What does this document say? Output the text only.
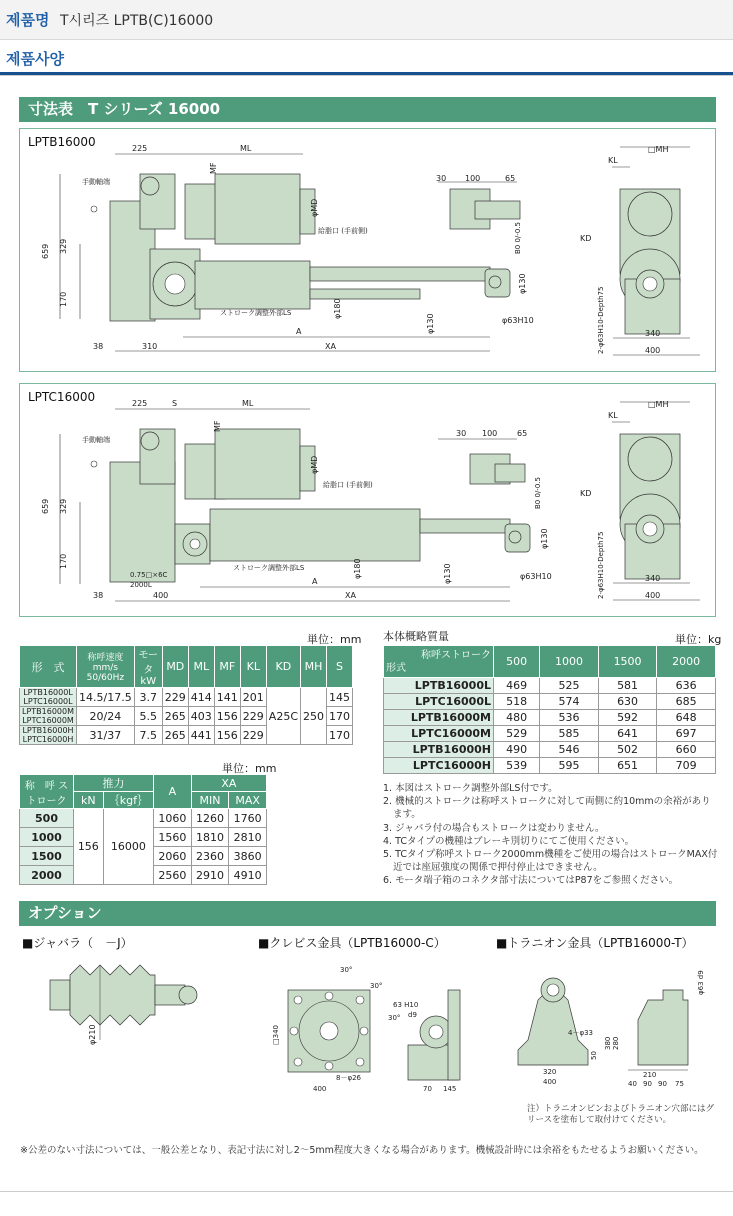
제품명 T시리즈 LPTB(C)16000
제품사양
寸法表　T シリーズ 16000
LPTB16000	225	ML
MF
φMD
手動軸端
給脂口 (手前側)
ストローク調整外部LS
659 329
170	φ180
φ130
φ130
A
XA
38	310
30 100	65
φ63H10
B0 0/-0.5
KL
□MH
KD
340
400
2-φ63H10-Depth75
LPTC16000	225	S	ML
MF
φMD
手動軸端
給脂口 (手前側)
ストローク調整外部LS
659 329
170	φ180	φ130
φ130
A
XA
38	400
0.75□×6C
2000L
30 100 65
φ63H10
B0 0/-0.5
KL
□MH
KD
340
400
2-φ63H10-Depth75
単位：mm
形　式	称呼速度 mm/s 50/60Hz	モータ kW	MD	ML	MF	KL	KD	MH	S
LPTB16000L
LPTC16000L	14.5/17.5	3.7	229	414	141	201	A25C	250	145
LPTB16000M
LPTC16000M	20/24	5.5	265	403	156	229			170
LPTB16000H
LPTC16000H	31/37	7.5	265	441	156	229			170
単位：mm
称　呼 ストローク	推力		A	XA	
	kN	｛kgf｝		MIN	MAX
500	156	16000	1060	1260	1760
1000			1560	1810	2810
1500			2060	2360	3860
2000			2560	2910	4910
本体概略質量	単位：kg
称呼ストローク
形式	500	1000	1500	2000
LPTB16000L	469	525	581	636
LPTC16000L	518	574	630	685
LPTB16000M	480	536	592	648
LPTC16000M	529	585	641	697
LPTB16000H	490	546	502	660
LPTC16000H	539	595	651	709
1. 本図はストローク調整外部LS付です。
2. 機械的ストロークは称呼ストロークに対して両側に約10mmの余裕があります。
3. ジャバラ付の場合もストロークは変わりません。
4. TCタイプの機種はブレーキ別切りにてご使用ください。
5. TCタイプ称呼ストローク2000mm機種をご使用の場合はストロークMAX付近では座屈強度の関係で押付停止はできません。
6. モータ端子箱のコネクタ部寸法についてはP87をご参照ください。
オプション
■ジャバラ（　－J）	■クレビス金具（LPTB16000-C）	■トラニオン金具（LPTB16000-T）
φ210
30°
30°
30°
63 H10
d9
□340
8－φ26
400	70 145
φ63 d9
4－φ33
380 280
50
320
400
210
40 90 90 75
注）トラニオンピンおよびトラニオン穴部にはグリースを塗布して取付けてください。
※公差のない寸法については、一般公差となり、表記寸法に対し2～5mm程度大きくなる場合があります。機械設計時には余裕をもたせるようお願いください。
